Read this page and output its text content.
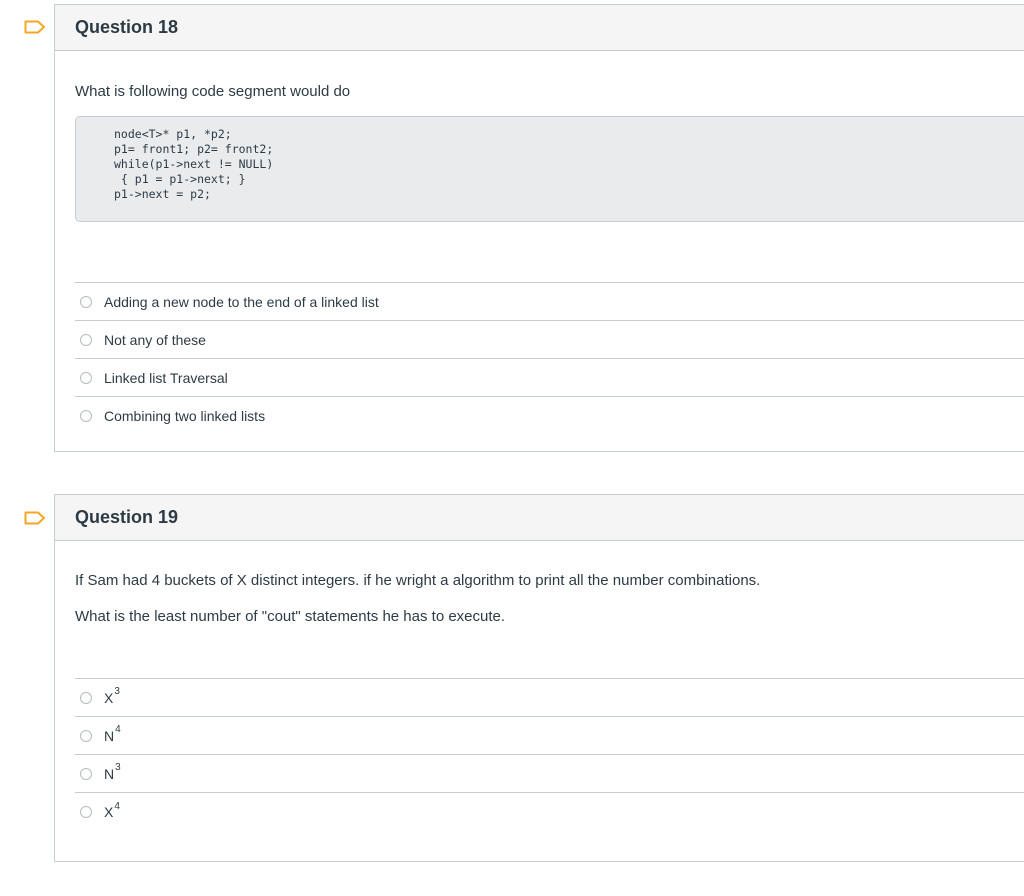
Question 18
What is following code segment would do
node<T>* p1, *p2;
p1= front1; p2= front2;
while(p1->next != NULL)
{ p1 = p1->next; }
p1->next = p2;
Adding a new node to the end of a linked list
Not any of these
Linked list Traversal
Combining two linked lists
Question 19
If Sam had 4 buckets of X distinct integers. if he wright a algorithm to print all the number combinations.
What is the least number of "cout" statements he has to execute.
X 3
N 4
N 3
X 4
